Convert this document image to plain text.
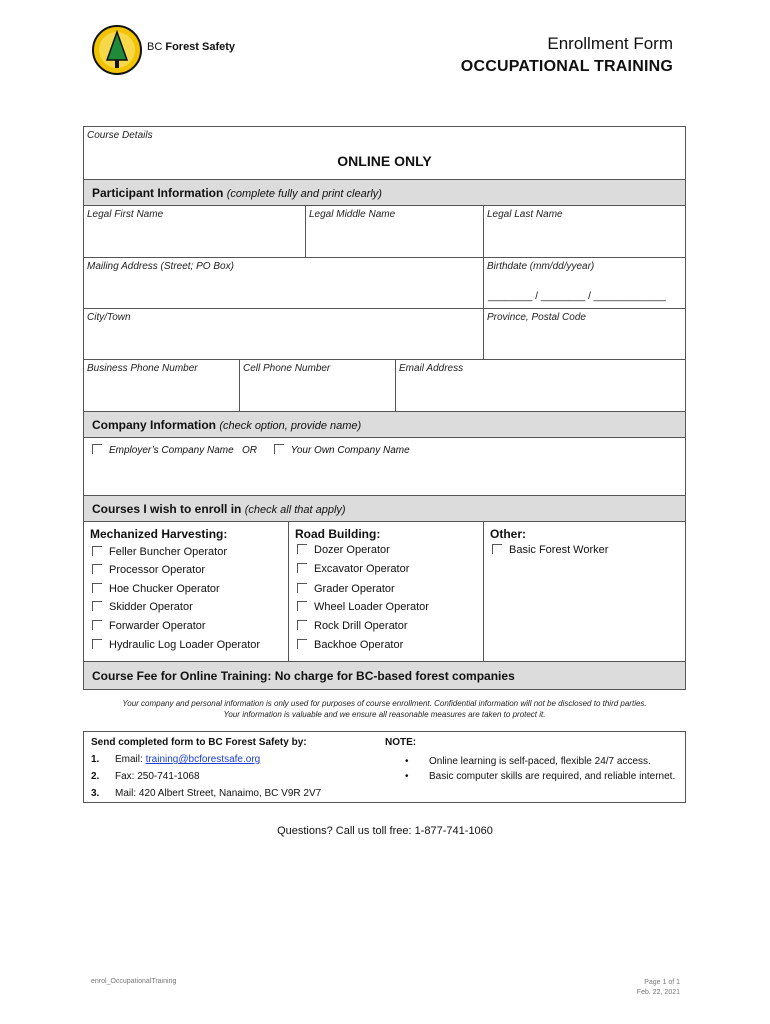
BC Forest Safety	Enrollment Form
OCCUPATIONAL TRAINING
Course Details
ONLINE ONLY
Participant Information (complete fully and print clearly)
Legal First Name	Legal Middle Name	Legal Last Name
Mailing Address (Street; PO Box)	Birthdate (mm/dd/yyear)
________ / ________ / _____________
City/Town	Province, Postal Code
Business Phone Number	Cell Phone Number	Email Address
Company Information (check option, provide name)
Employer’s Company Name OR	Your Own Company Name
Courses I wish to enroll in (check all that apply)
Mechanized Harvesting:
Feller Buncher Operator
Processor Operator
Hoe Chucker Operator
Skidder Operator
Forwarder Operator
Hydraulic Log Loader Operator
Road Building:
Dozer Operator
Excavator Operator
Grader Operator
Wheel Loader Operator
Rock Drill Operator
Backhoe Operator
Other:
Basic Forest Worker
Course Fee for Online Training: No charge for BC-based forest companies
Your company and personal information is only used for purposes of course enrollment. Confidential information will not be disclosed to third parties.
Your information is valuable and we ensure all reasonable measures are taken to protect it.
Send completed form to BC Forest Safety by:
1. Email: training@bcforestsafe.org
2. Fax: 250-741-1068
3. Mail: 420 Albert Street, Nanaimo, BC V9R 2V7
NOTE:
• Online learning is self-paced, flexible 24/7 access.
• Basic computer skills are required, and reliable internet.
Questions? Call us toll free: 1-877-741-1060
enrol_OccupationalTraining	Page 1 of 1
Feb. 22, 2021
